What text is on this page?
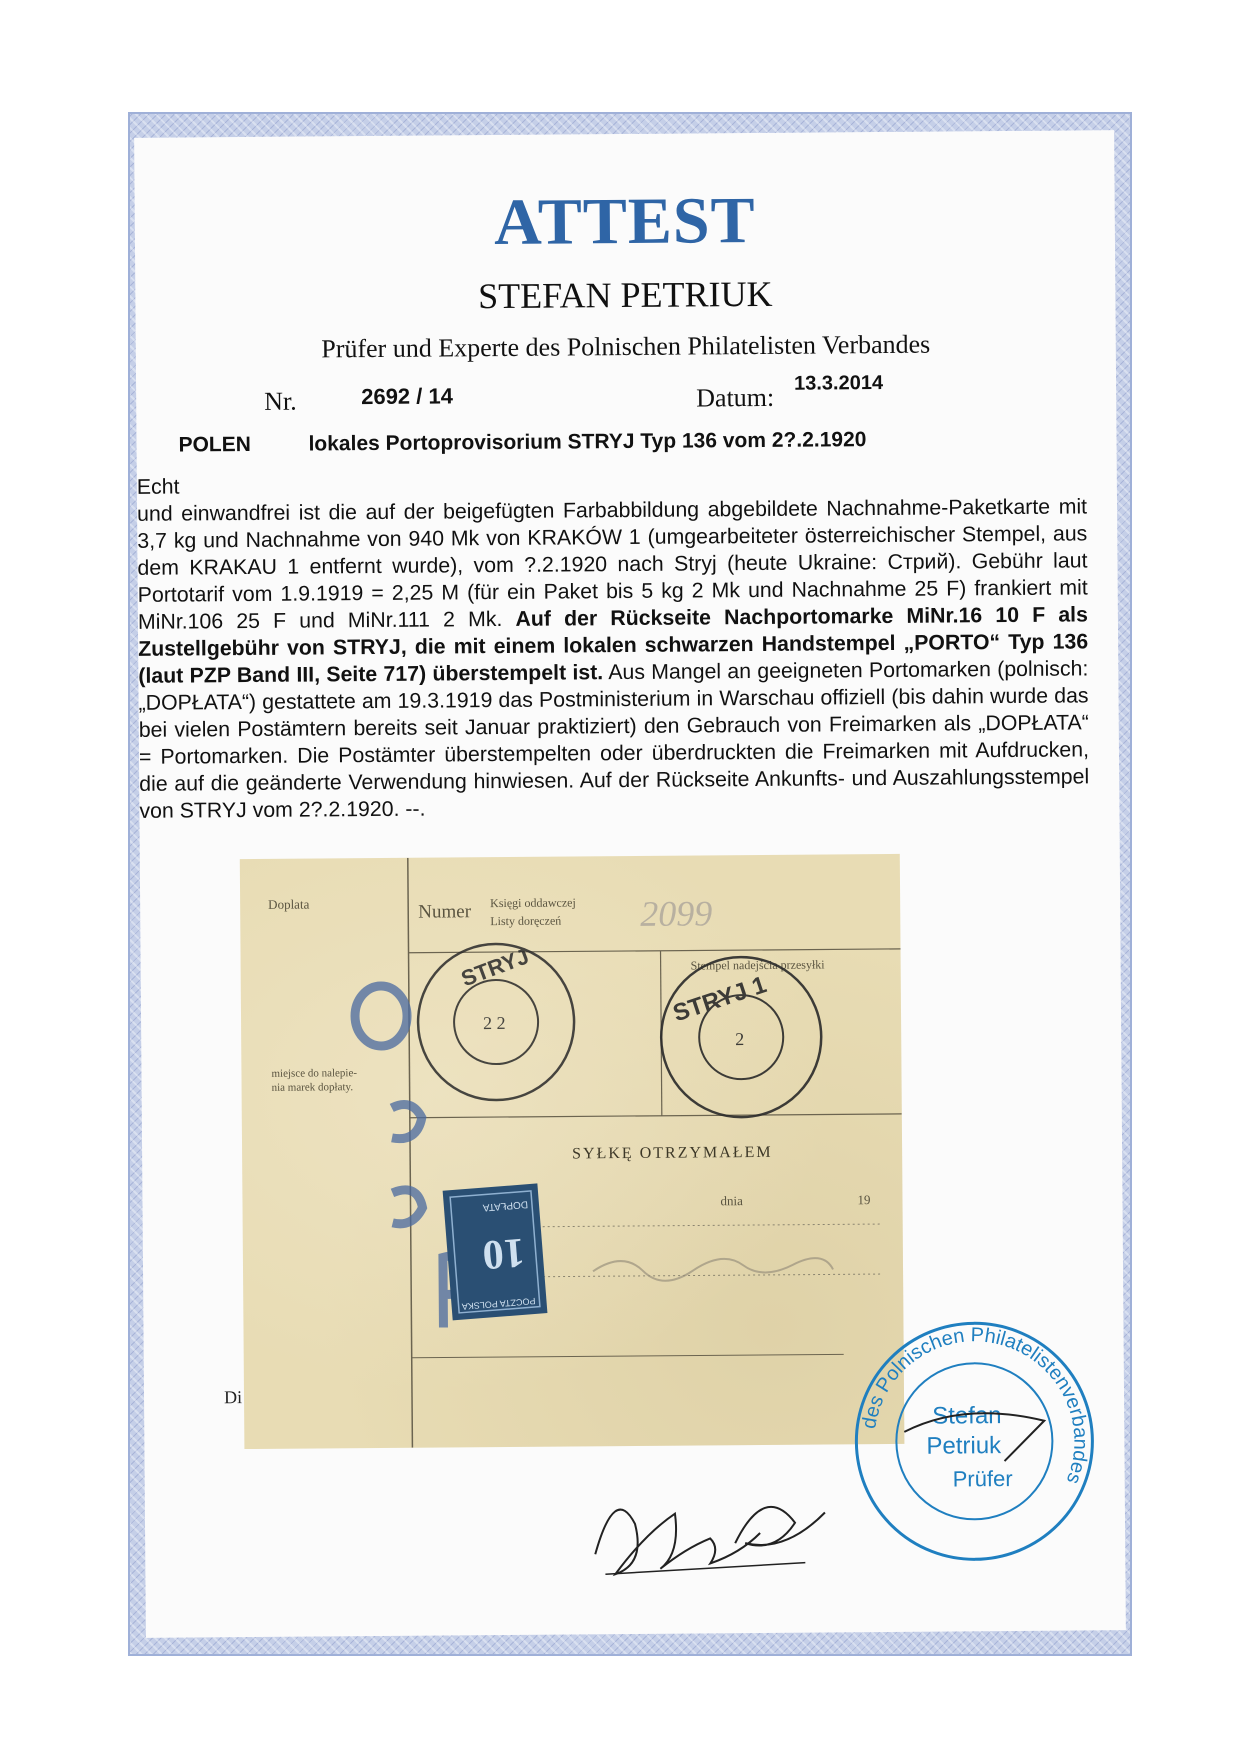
ATTEST
STEFAN PETRIUK
Prüfer und Experte des Polnischen Philatelisten Verbandes
Nr.	2692 / 14	Datum: 13.3.2014
POLEN	lokales Portoprovisorium STRYJ Typ 136 vom 2?.2.1920

Echt

und einwandfrei ist die auf der beigefügten Farbabbildung abgebildete Nachnahme-Paketkarte mit 3,7 kg und Nachnahme von 940 Mk von KRAKÓW 1 (umgearbeiteter österreichischer Stempel, aus dem KRAKAU 1 entfernt wurde), vom ?.2.1920 nach Stryj (heute Ukraine: Стрий). Gebühr laut Portotarif vom 1.9.1919 = 2,25 M (für ein Paket bis 5 kg 2 Mk und Nachnahme 25 F) frankiert mit MiNr.106 25 F und MiNr.111 2 Mk. Auf der Rückseite Nachportomarke MiNr.16 10 F als Zustellgebühr von STRYJ, die mit einem lokalen schwarzen Handstempel „PORTO“ Typ 136 (laut PZP Band III, Seite 717) überstempelt ist. Aus Mangel an geeigneten Portomarken (polnisch: „DOPŁATA“) gestattete am 19.3.1919 das Postministerium in Warschau offiziell (bis dahin wurde das bei vielen Postämtern bereits seit Januar praktiziert) den Gebrauch von Freimarken als „DOPŁATA“ = Portomarken. Die Postämter überstempelten oder überdruckten die Freimarken mit Aufdrucken, die auf die geänderte Verwendung hinwiesen. Auf der Rückseite Ankunfts- und Auszahlungsstempel von STRYJ vom 2?.2.1920. --.

Doplata	Numer Księgi oddawczej
Listy doręczeń
Stempel nadejścia przesyłki
miejsce do nalepie-
nia marek dopłaty.
SYŁKĘ OTRZYMAŁEM
dnia	19
2099
STRYJ
2 2	STRYJ 1
2
10
DOPŁATA
POCZTA POLSKA
Di
des Polnischen Philatelistenverbandes
Stefan
Petriuk
Prüfer
